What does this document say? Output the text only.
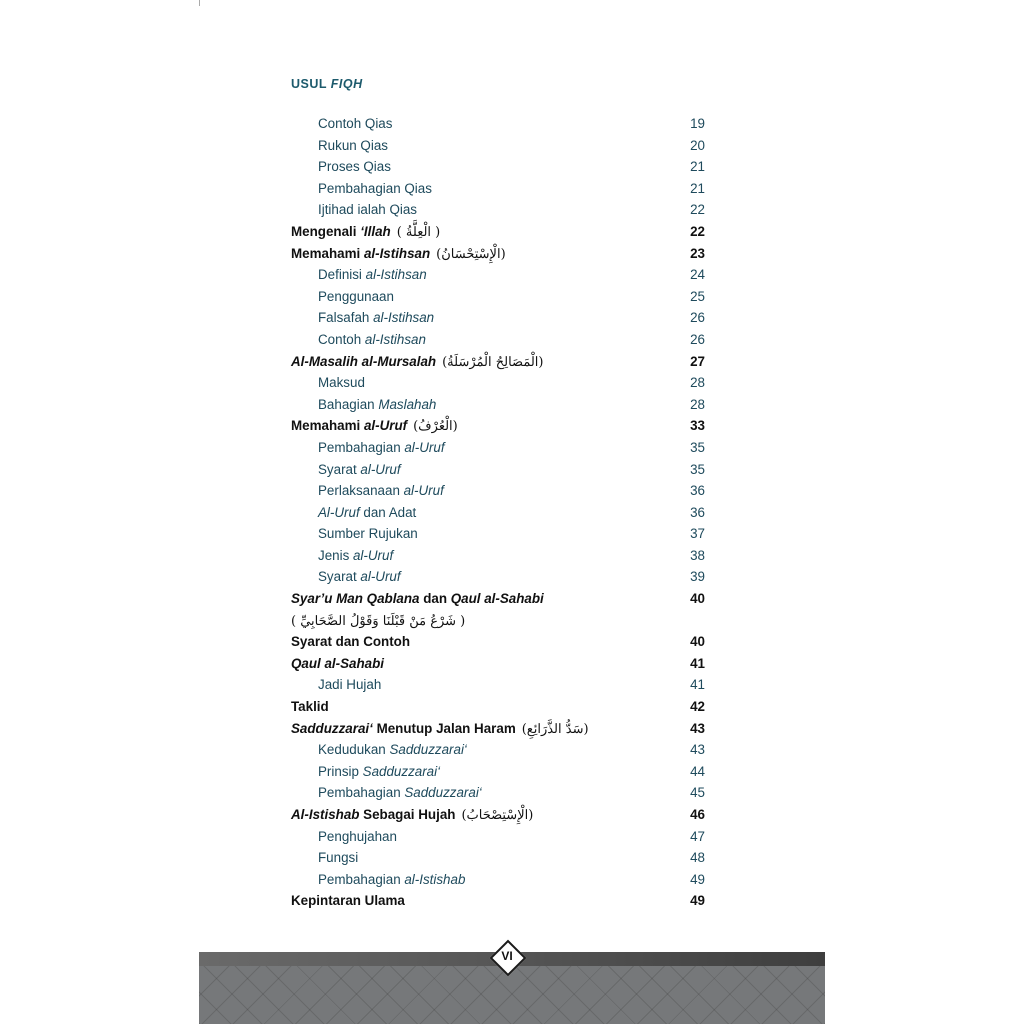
USUL FIQH
Contoh Qias	19
Rukun Qias	20
Proses Qias	21
Pembahagian Qias	21
Ijtihad ialah Qias	22
Mengenali ‘Illah ( الْعِلَّةُ )	22
Memahami al-Istihsan (الْإِسْتِحْسَانُ)	23
Definisi al-Istihsan	24
Penggunaan	25
Falsafah al-Istihsan	26
Contoh al-Istihsan	26
Al-Masalih al-Mursalah (الْمَصَالِحُ الْمُرْسَلَةُ)	27
Maksud	28
Bahagian Maslahah	28
Memahami al-Uruf (الْعُرْفُ)	33
Pembahagian al-Uruf	35
Syarat al-Uruf	35
Perlaksanaan al-Uruf	36
Al-Uruf dan Adat	36
Sumber Rujukan	37
Jenis al-Uruf	38
Syarat al-Uruf	39
Syar’u Man Qablana dan Qaul al-Sahabi	40
( شَرْعُ مَنْ قَبْلَنَا وَقَوْلُ الصَّحَابِيِّ )
Syarat dan Contoh	40
Qaul al-Sahabi	41
Jadi Hujah	41
Taklid	42
Sadduzzarai‘ Menutup Jalan Haram (سَدُّ الذَّرَائِعِ)	43
Kedudukan Sadduzzarai‘	43
Prinsip Sadduzzarai‘	44
Pembahagian Sadduzzarai‘	45
Al-Istishab Sebagai Hujah (الْإِسْتِصْحَابُ)	46
Penghujahan	47
Fungsi	48
Pembahagian al-Istishab	49
Kepintaran Ulama	49
VI
